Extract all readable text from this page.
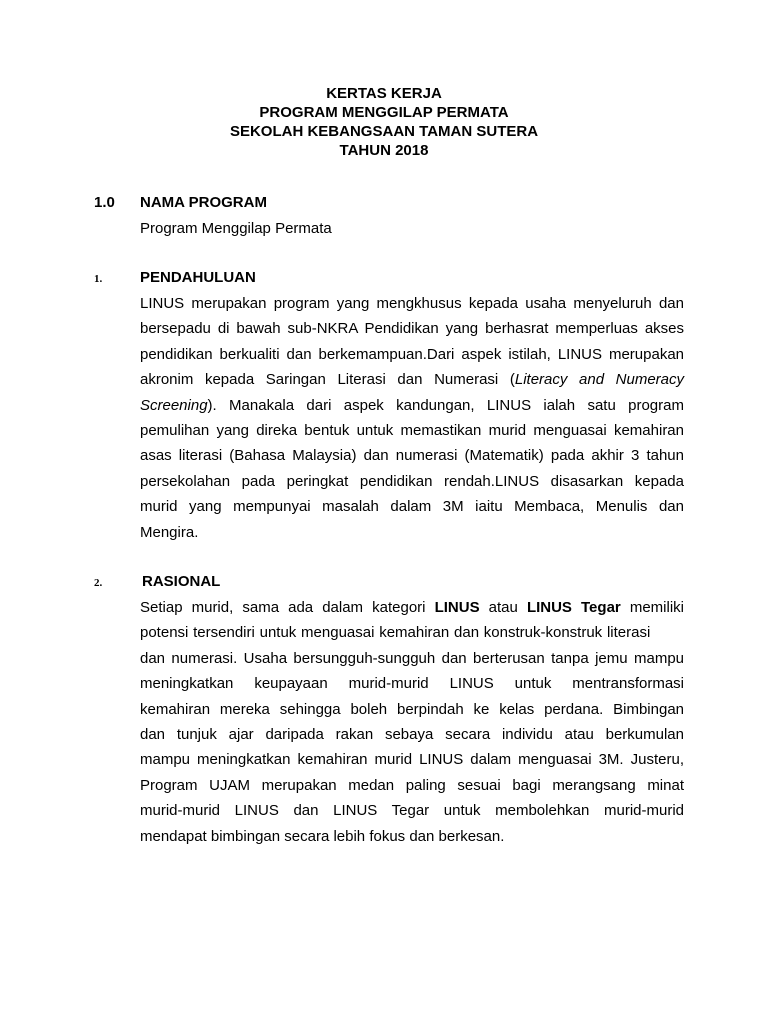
KERTAS KERJA
PROGRAM MENGGILAP PERMATA
SEKOLAH KEBANGSAAN TAMAN SUTERA
TAHUN 2018
1.0 NAMA PROGRAM
Program Menggilap Permata
1.	PENDAHULUAN
LINUS merupakan program yang mengkhusus kepada usaha menyeluruh dan
bersepadu di bawah sub-NKRA Pendidikan yang berhasrat memperluas akses
pendidikan berkualiti dan berkemampuan.Dari aspek istilah, LINUS merupakan
akronim kepada Saringan Literasi dan Numerasi (Literacy and Numeracy
Screening). Manakala dari aspek kandungan, LINUS ialah satu program
pemulihan yang direka bentuk untuk memastikan murid menguasai kemahiran
asas literasi (Bahasa Malaysia) dan numerasi (Matematik) pada akhir 3 tahun
persekolahan pada peringkat pendidikan rendah.LINUS disasarkan kepada
murid yang mempunyai masalah dalam 3M iaitu Membaca, Menulis dan
Mengira.
2.	RASIONAL
Setiap murid, sama ada dalam kategori LINUS atau LINUS Tegar memiliki
potensi tersendiri untuk menguasai kemahiran dan konstruk-konstruk literasi
dan numerasi. Usaha bersungguh-sungguh dan berterusan tanpa jemu mampu
meningkatkan keupayaan murid-murid LINUS untuk mentransformasi
kemahiran mereka sehingga boleh berpindah ke kelas perdana. Bimbingan
dan tunjuk ajar daripada rakan sebaya secara individu atau berkumulan
mampu meningkatkan kemahiran murid LINUS dalam menguasai 3M. Justeru,
Program UJAM merupakan medan paling sesuai bagi merangsang minat
murid-murid LINUS dan LINUS Tegar untuk membolehkan murid-murid
mendapat bimbingan secara lebih fokus dan berkesan.
